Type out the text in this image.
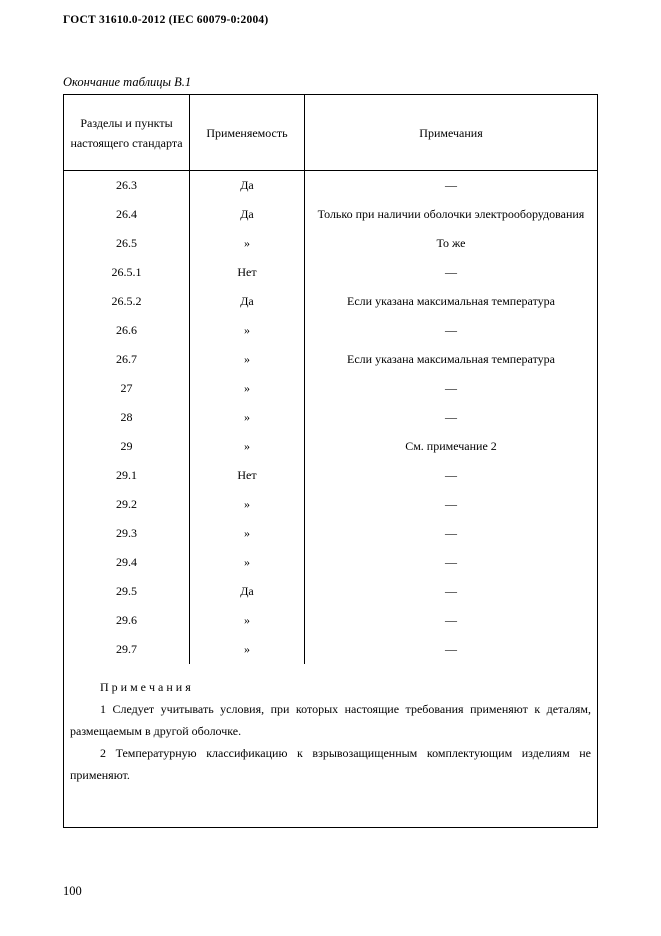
ГОСТ 31610.0-2012 (IEC 60079-0:2004)
Окончание таблицы В.1
Разделы и пункты настоящего стандарта	Применяемость	Примечания
26.3	Да	—
26.4	Да	Только при наличии оболочки электрооборудования
26.5	»	То же
26.5.1	Нет	—
26.5.2	Да	Если указана максимальная температура
26.6	»	—
26.7	»	Если указана максимальная температура
27	»	—
28	»	—
29	»	См. примечание 2
29.1	Нет	—
29.2	»	—
29.3	»	—
29.4	»	—
29.5	Да	—
29.6	»	—
29.7	»	—
П р и м е ч а н и я

1 Следует учитывать условия, при которых настоящие требования применяют к деталям, размещаемым в другой оболочке.

2 Температурную классификацию к взрывозащищенным комплектующим изделиям не применяют.

100
